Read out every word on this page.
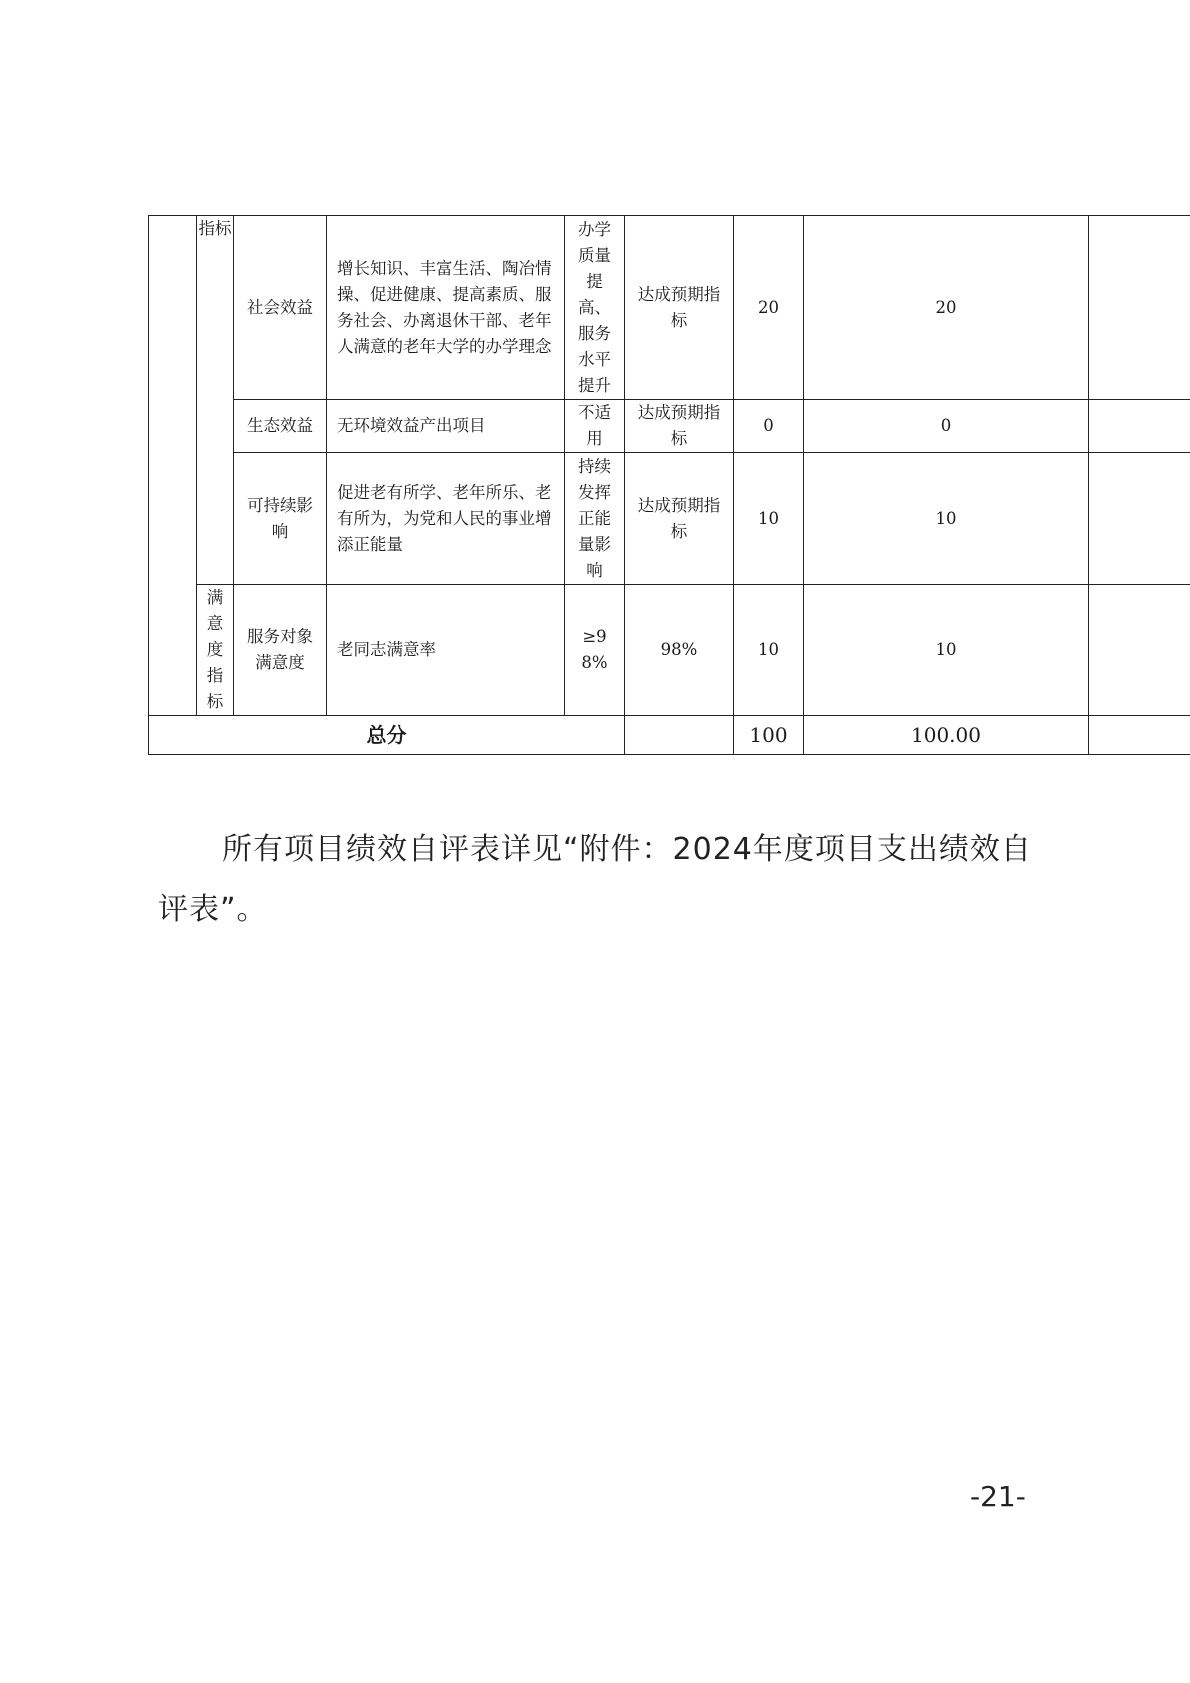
	指标	社会效益	增长知识、丰富生活、陶冶情操、促进健康、提高素质、服务社会、办离退休干部、老年人满意的老年大学的办学理念	办学质量提高、服务水平提升	达成预期指标	20	20	
		生态效益	无环境效益产出项目	不适用	达成预期指标	0	0	

		可持续影响	促进老有所学、老年所乐、老有所为，为党和人民的事业增添正能量	持续发挥正能量影响	达成预期指标	10	10	

	满意度指标	服务对象满意度	老同志满意率	≥98%	98%	10	10	
总分						100	100.00	

所有项目绩效自评表详见“附件：2024年度项目支出绩效自评表”。

-21-
